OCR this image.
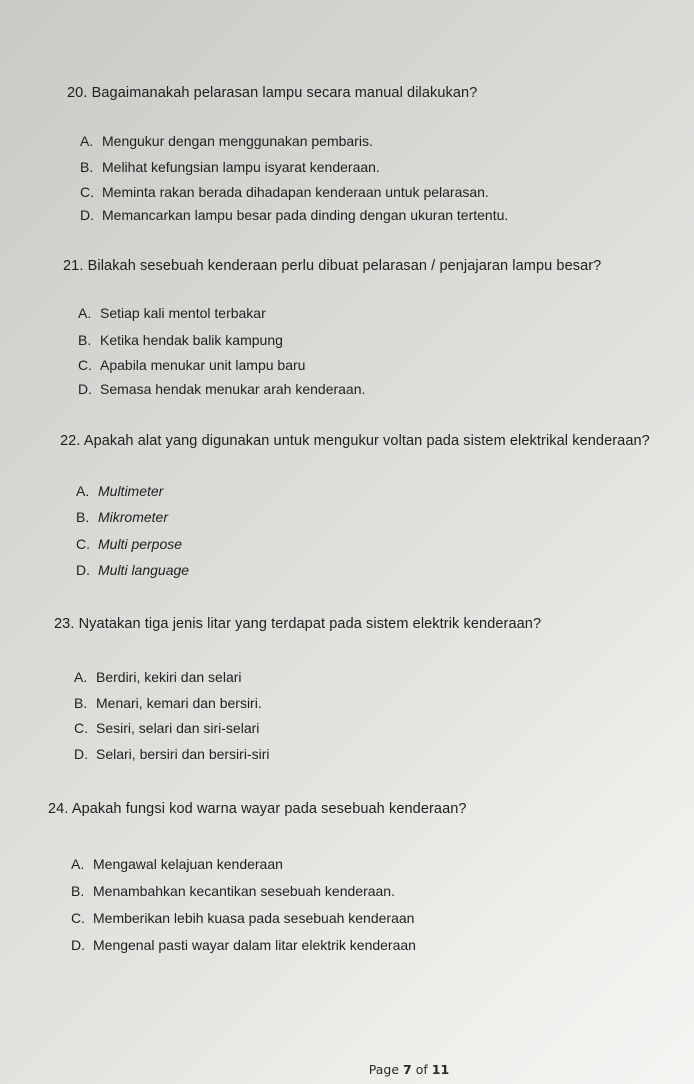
20. Bagaimanakah pelarasan lampu secara manual dilakukan?
A. Mengukur dengan menggunakan pembaris.
B. Melihat kefungsian lampu isyarat kenderaan.
C. Meminta rakan berada dihadapan kenderaan untuk pelarasan.
D. Memancarkan lampu besar pada dinding dengan ukuran tertentu.
21. Bilakah sesebuah kenderaan perlu dibuat pelarasan / penjajaran lampu besar?
A. Setiap kali mentol terbakar
B. Ketika hendak balik kampung
C. Apabila menukar unit lampu baru
D. Semasa hendak menukar arah kenderaan.
22. Apakah alat yang digunakan untuk mengukur voltan pada sistem elektrikal kenderaan?
A. Multimeter
B. Mikrometer
C. Multi perpose
D. Multi language
23. Nyatakan tiga jenis litar yang terdapat pada sistem elektrik kenderaan?
A. Berdiri, kekiri dan selari
B. Menari, kemari dan bersiri.
C. Sesiri, selari dan siri-selari
D. Selari, bersiri dan bersiri-siri
24. Apakah fungsi kod warna wayar pada sesebuah kenderaan?
A. Mengawal kelajuan kenderaan
B. Menambahkan kecantikan sesebuah kenderaan.
C. Memberikan lebih kuasa pada sesebuah kenderaan
D. Mengenal pasti wayar dalam litar elektrik kenderaan
Page 7 of 11
